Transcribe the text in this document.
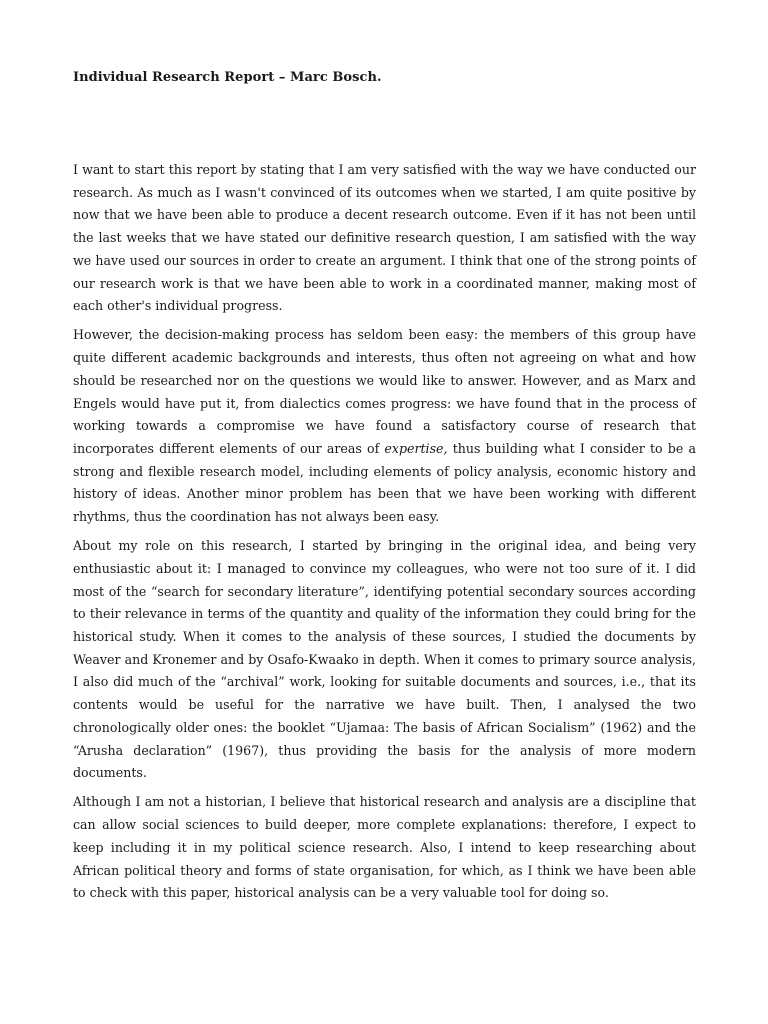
Individual Research Report – Marc Bosch.

I want to start this report by stating that I am very satisfied with the way we have conducted our research. As much as I wasn't convinced of its outcomes when we started, I am quite positive by now that we have been able to produce a decent research outcome. Even if it has not been until the last weeks that we have stated our definitive research question, I am satisfied with the way we have used our sources in order to create an argument. I think that one of the strong points of our research work is that we have been able to work in a coordinated manner, making most of each other's individual progress.

However, the decision-making process has seldom been easy: the members of this group have quite different academic backgrounds and interests, thus often not agreeing on what and how should be researched nor on the questions we would like to answer. However, and as Marx and Engels would have put it, from dialectics comes progress: we have found that in the process of working towards a compromise we have found a satisfactory course of research that incorporates different elements of our areas of expertise, thus building what I consider to be a strong and flexible research model, including elements of policy analysis, economic history and history of ideas. Another minor problem has been that we have been working with different rhythms, thus the coordination has not always been easy.

About my role on this research, I started by bringing in the original idea, and being very enthusiastic about it: I managed to convince my colleagues, who were not too sure of it. I did most of the “search for secondary literature”, identifying potential secondary sources according to their relevance in terms of the quantity and quality of the information they could bring for the historical study. When it comes to the analysis of these sources, I studied the documents by Weaver and Kronemer and by Osafo-Kwaako in depth. When it comes to primary source analysis, I also did much of the “archival” work, looking for suitable documents and sources, i.e., that its contents would be useful for the narrative we have built. Then, I analysed the two chronologically older ones: the booklet “Ujamaa: The basis of African Socialism” (1962) and the “Arusha declaration” (1967), thus providing the basis for the analysis of more modern documents.

Although I am not a historian, I believe that historical research and analysis are a discipline that can allow social sciences to build deeper, more complete explanations: therefore, I expect to keep including it in my political science research. Also, I intend to keep researching about African political theory and forms of state organisation, for which, as I think we have been able to check with this paper, historical analysis can be a very valuable tool for doing so.
